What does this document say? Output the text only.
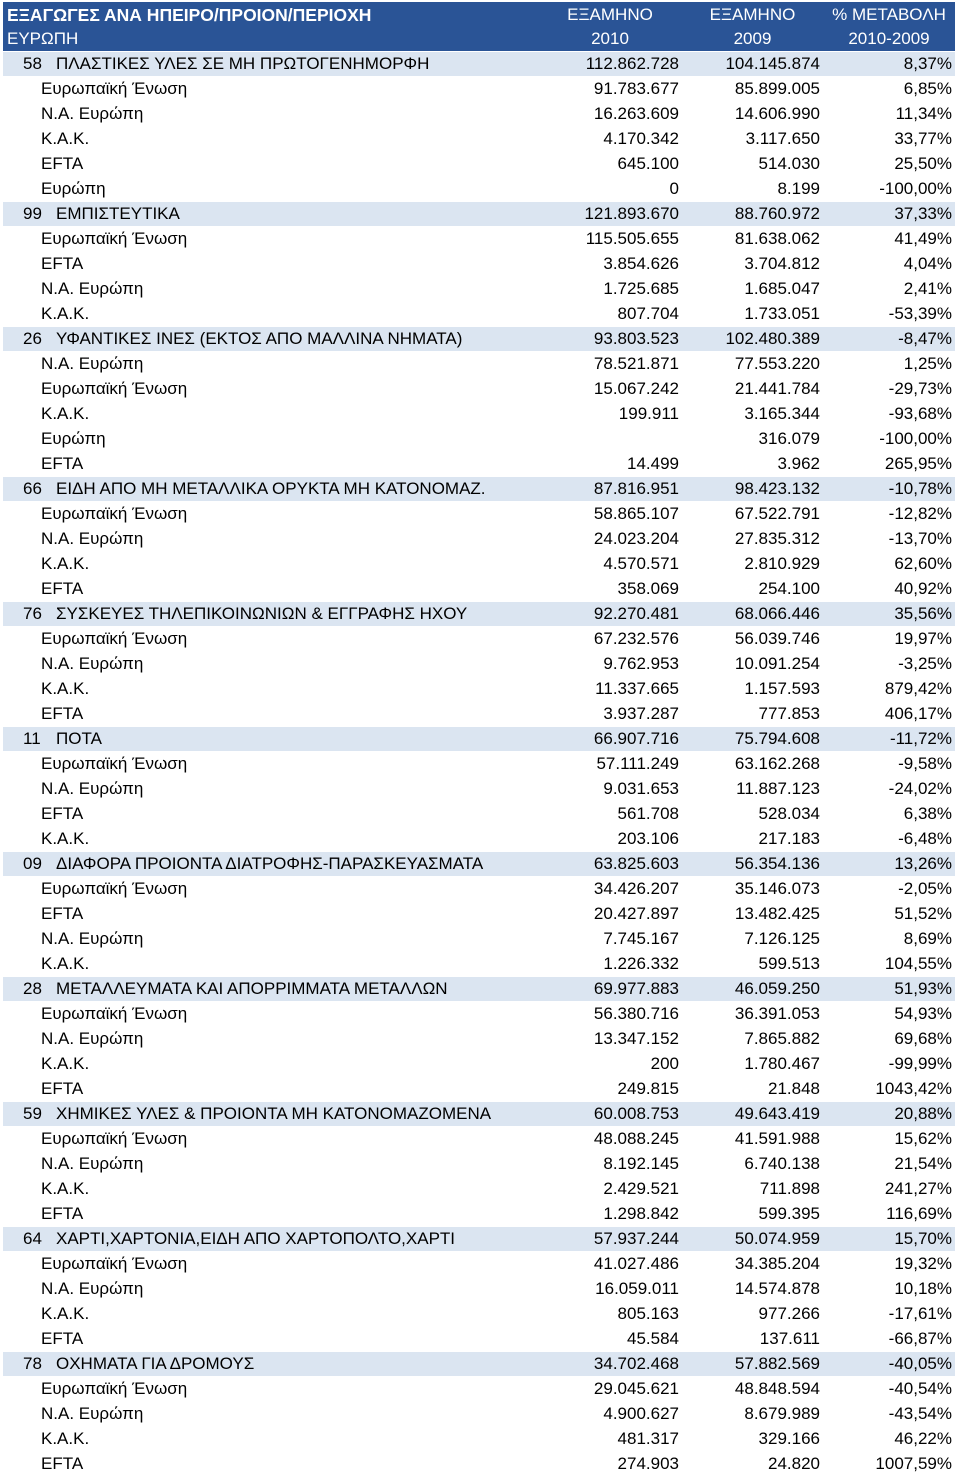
ΕΞΑΓΩΓΕΣ ΑΝΑ ΗΠΕΙΡΟ/ΠΡΟΙΟΝ/ΠΕΡΙΟΧΗ	ΕΞΑΜΗΝΟ	ΕΞΑΜΗΝΟ	% ΜΕΤΑΒΟΛΗ
ΕΥΡΩΠΗ	2010	2009	2010-2009
58 ΠΛΑΣΤΙΚΕΣ ΥΛΕΣ ΣΕ ΜΗ ΠΡΩΤΟΓΕΝΗΜΟΡΦΗ	112.862.728	104.145.874	8,37%
Ευρωπαϊκή Ένωση	91.783.677	85.899.005	6,85%
Ν.Α. Ευρώπη	16.263.609	14.606.990	11,34%
Κ.Α.Κ.	4.170.342	3.117.650	33,77%
EFTA	645.100	514.030	25,50%
Ευρώπη	0	8.199	-100,00%
99 ΕΜΠΙΣΤΕΥΤΙΚΑ	121.893.670	88.760.972	37,33%
Ευρωπαϊκή Ένωση	115.505.655	81.638.062	41,49%
EFTA	3.854.626	3.704.812	4,04%
Ν.Α. Ευρώπη	1.725.685	1.685.047	2,41%
Κ.Α.Κ.	807.704	1.733.051	-53,39%
26 ΥΦΑΝΤΙΚΕΣ ΙΝΕΣ (ΕΚΤΟΣ ΑΠΟ ΜΑΛΛΙΝΑ ΝΗΜΑΤΑ)	93.803.523	102.480.389	-8,47%
Ν.Α. Ευρώπη	78.521.871	77.553.220	1,25%
Ευρωπαϊκή Ένωση	15.067.242	21.441.784	-29,73%
Κ.Α.Κ.	199.911	3.165.344	-93,68%
Ευρώπη		316.079	-100,00%
EFTA	14.499	3.962	265,95%
66 ΕΙΔΗ ΑΠΟ ΜΗ ΜΕΤΑΛΛΙΚΑ ΟΡΥΚΤΑ ΜΗ ΚΑΤΟΝΟΜΑΖ.	87.816.951	98.423.132	-10,78%
Ευρωπαϊκή Ένωση	58.865.107	67.522.791	-12,82%
Ν.Α. Ευρώπη	24.023.204	27.835.312	-13,70%
Κ.Α.Κ.	4.570.571	2.810.929	62,60%
EFTA	358.069	254.100	40,92%
76 ΣΥΣΚΕΥΕΣ ΤΗΛΕΠΙΚΟΙΝΩΝΙΩΝ & ΕΓΓΡΑΦΗΣ ΗΧΟΥ	92.270.481	68.066.446	35,56%
Ευρωπαϊκή Ένωση	67.232.576	56.039.746	19,97%
Ν.Α. Ευρώπη	9.762.953	10.091.254	-3,25%
Κ.Α.Κ.	11.337.665	1.157.593	879,42%
EFTA	3.937.287	777.853	406,17%
11 ΠΟΤΑ	66.907.716	75.794.608	-11,72%
Ευρωπαϊκή Ένωση	57.111.249	63.162.268	-9,58%
Ν.Α. Ευρώπη	9.031.653	11.887.123	-24,02%
EFTA	561.708	528.034	6,38%
Κ.Α.Κ.	203.106	217.183	-6,48%
09 ΔΙΑΦΟΡΑ ΠΡΟΙΟΝΤΑ ΔΙΑΤΡΟΦΗΣ-ΠΑΡΑΣΚΕΥΑΣΜΑΤΑ	63.825.603	56.354.136	13,26%
Ευρωπαϊκή Ένωση	34.426.207	35.146.073	-2,05%
EFTA	20.427.897	13.482.425	51,52%
Ν.Α. Ευρώπη	7.745.167	7.126.125	8,69%
Κ.Α.Κ.	1.226.332	599.513	104,55%
28 ΜΕΤΑΛΛΕΥΜΑΤΑ ΚΑΙ ΑΠΟΡΡΙΜΜΑΤΑ ΜΕΤΑΛΛΩΝ	69.977.883	46.059.250	51,93%
Ευρωπαϊκή Ένωση	56.380.716	36.391.053	54,93%
Ν.Α. Ευρώπη	13.347.152	7.865.882	69,68%
Κ.Α.Κ.	200	1.780.467	-99,99%
EFTA	249.815	21.848	1043,42%
59 ΧΗΜΙΚΕΣ ΥΛΕΣ & ΠΡΟΙΟΝΤΑ ΜΗ ΚΑΤΟΝΟΜΑΖΟΜΕΝΑ	60.008.753	49.643.419	20,88%
Ευρωπαϊκή Ένωση	48.088.245	41.591.988	15,62%
Ν.Α. Ευρώπη	8.192.145	6.740.138	21,54%
Κ.Α.Κ.	2.429.521	711.898	241,27%
EFTA	1.298.842	599.395	116,69%
64 ΧΑΡΤΙ,ΧΑΡΤΟΝΙΑ,ΕΙΔΗ ΑΠΟ ΧΑΡΤΟΠΟΛΤΟ,ΧΑΡΤΙ	57.937.244	50.074.959	15,70%
Ευρωπαϊκή Ένωση	41.027.486	34.385.204	19,32%
Ν.Α. Ευρώπη	16.059.011	14.574.878	10,18%
Κ.Α.Κ.	805.163	977.266	-17,61%
EFTA	45.584	137.611	-66,87%
78 ΟΧΗΜΑΤΑ ΓΙΑ ΔΡΟΜΟΥΣ	34.702.468	57.882.569	-40,05%
Ευρωπαϊκή Ένωση	29.045.621	48.848.594	-40,54%
Ν.Α. Ευρώπη	4.900.627	8.679.989	-43,54%
Κ.Α.Κ.	481.317	329.166	46,22%
EFTA	274.903	24.820	1007,59%
